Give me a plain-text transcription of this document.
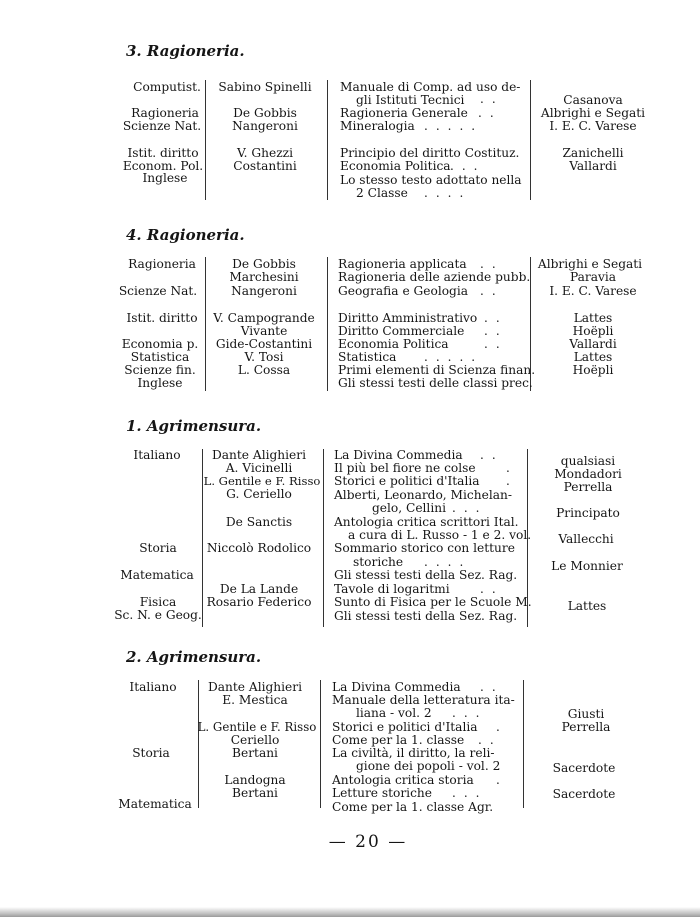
3. Ragioneria.
Computist.
Ragioneria
Scienze Nat.
Istit. diritto
Econom. Pol.
Inglese
Sabino Spinelli
De Gobbis
Nangeroni
V. Ghezzi
Costantini
Manuale di Comp. ad uso de-
gli Istituti Tecnici
Ragioneria Generale
Mineralogia
Principio del diritto Costituz.
Economia Politica
Lo stesso testo adottato nella
2 Classe
..
..
.....
...
....
Casanova
Albrighi e Segati
I. E. C. Varese
Zanichelli
Vallardi
4. Ragioneria.
Ragioneria
Scienze Nat.
Istit. diritto
Economia p.
Statistica
Scienze fin.
Inglese
De Gobbis
Marchesini
Nangeroni
V. Campogrande
Vivante
Gide-Costantini
V. Tosi
L. Cossa
Ragioneria applicata
Ragioneria delle aziende pubb.
Geografia e Geologia
Diritto Amministrativo
Diritto Commerciale
Economia Politica
Statistica
Primi elementi di Scienza finan.
Gli stessi testi delle classi prec.
..
..
..
..
..
.....
Albrighi e Segati
Paravia
I. E. C. Varese
Lattes
Hoëpli
Vallardi
Lattes
Hoëpli
1. Agrimensura.
Italiano
Storia
Matematica
Fisica
Sc. N. e Geog.
Dante Alighieri
A. Vicinelli
L. Gentile e F. Risso
G. Ceriello
De Sanctis
Niccolò Rodolico
De La Lande
Rosario Federico
La Divina Commedia
Il più bel fiore ne colse
Storici e politici d'Italia
Alberti, Leonardo, Michelan-
gelo, Cellini
Antologia critica scrittori Ital.
a cura di L. Russo - 1 e 2. vol.
Sommario storico con letture
storiche
Gli stessi testi della Sez. Rag.
Tavole di logaritmi
Sunto di Fisica per le Scuole M.
Gli stessi testi della Sez. Rag.
..
.
.
...
....
..
qualsiasi
Mondadori
Perrella
Principato
Vallecchi
Le Monnier
Lattes
2. Agrimensura.
Italiano
Storia
Matematica
Dante Alighieri
E. Mestica
L. Gentile e F. Risso
Ceriello
Bertani
Landogna
Bertani
La Divina Commedia
Manuale della letteratura ita-
liana - vol. 2
Storici e politici d'Italia
Come per la 1. classe
La civiltà, il diritto, la reli-
gione dei popoli - vol. 2
Antologia critica storia
Letture storiche
Come per la 1. classe Agr.
..
...
.
..
.
...
Giusti
Perrella
Sacerdote
Sacerdote
— 20 —
